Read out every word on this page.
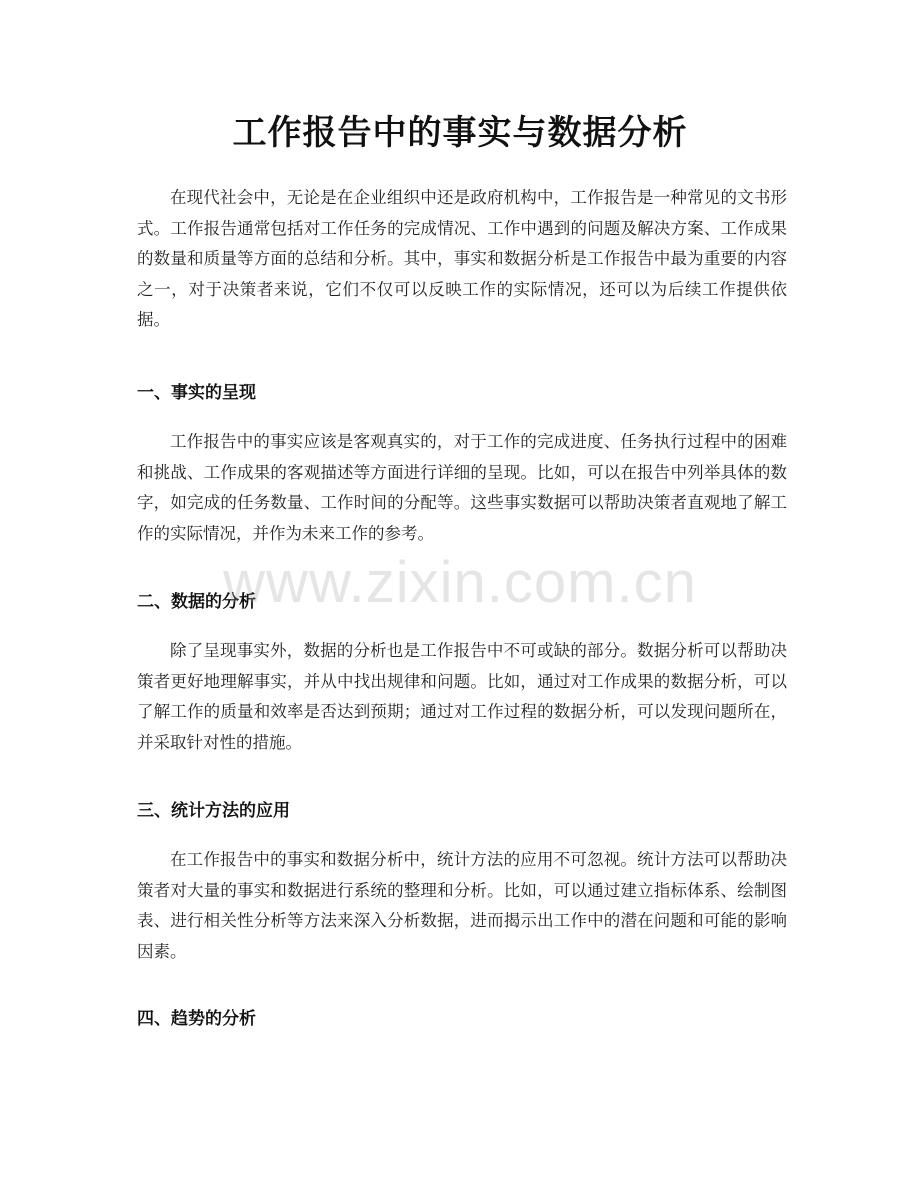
工作报告中的事实与数据分析

在现代社会中，无论是在企业组织中还是政府机构中，工作报告是一种常见的文书形式。工作报告通常包括对工作任务的完成情况、工作中遇到的问题及解决方案、工作成果的数量和质量等方面的总结和分析。其中，事实和数据分析是工作报告中最为重要的内容之一，对于决策者来说，它们不仅可以反映工作的实际情况，还可以为后续工作提供依据。

一、事实的呈现

工作报告中的事实应该是客观真实的，对于工作的完成进度、任务执行过程中的困难和挑战、工作成果的客观描述等方面进行详细的呈现。比如，可以在报告中列举具体的数字，如完成的任务数量、工作时间的分配等。这些事实数据可以帮助决策者直观地了解工作的实际情况，并作为未来工作的参考。

二、数据的分析

除了呈现事实外，数据的分析也是工作报告中不可或缺的部分。数据分析可以帮助决策者更好地理解事实，并从中找出规律和问题。比如，通过对工作成果的数据分析，可以了解工作的质量和效率是否达到预期；通过对工作过程的数据分析，可以发现问题所在，并采取针对性的措施。

三、统计方法的应用

在工作报告中的事实和数据分析中，统计方法的应用不可忽视。统计方法可以帮助决策者对大量的事实和数据进行系统的整理和分析。比如，可以通过建立指标体系、绘制图表、进行相关性分析等方法来深入分析数据，进而揭示出工作中的潜在问题和可能的影响因素。

四、趋势的分析
www.zixin.com.cn
